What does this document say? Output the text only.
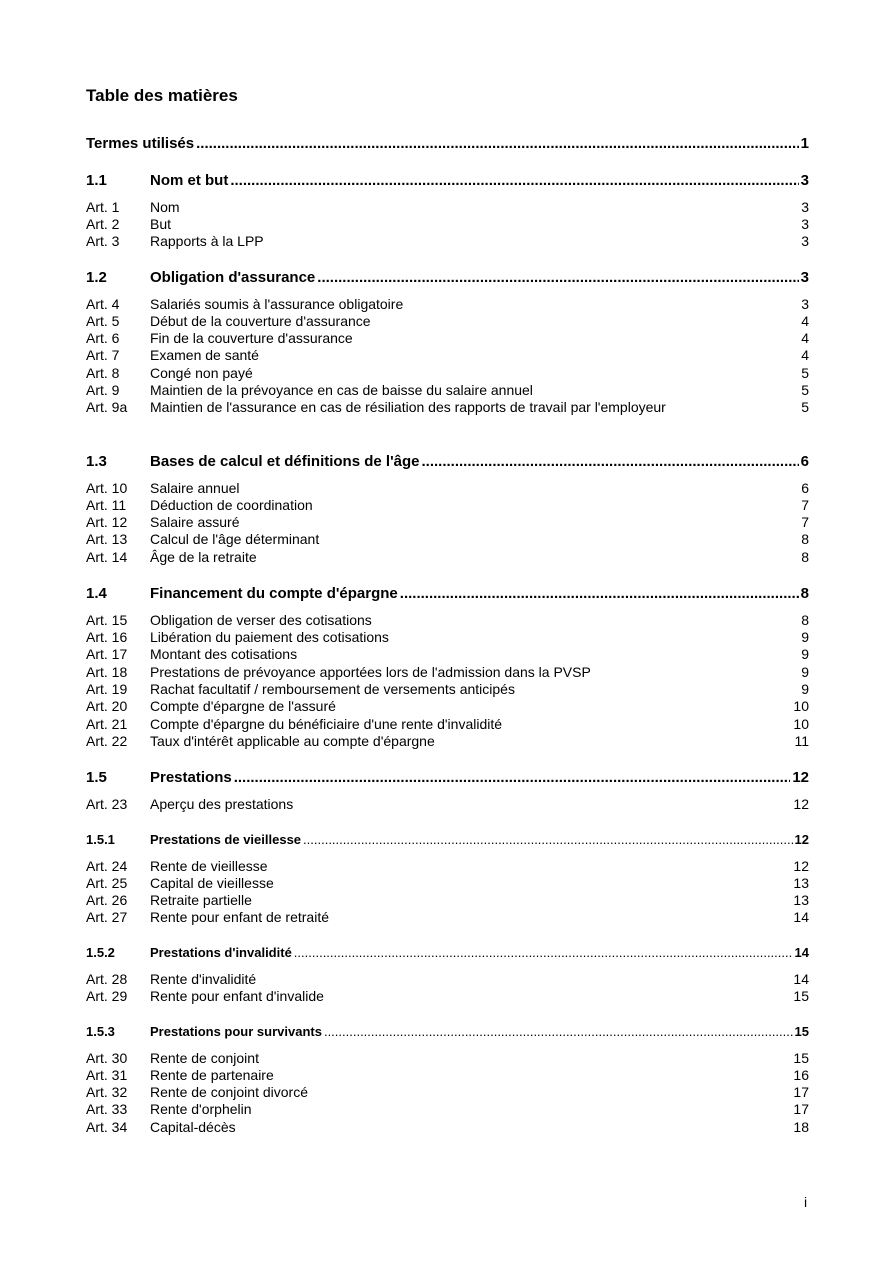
Table des matières
Termes utilisés .....	1
1.1	Nom et but .....	3
Art. 1	Nom	3
Art. 2	But	3
Art. 3	Rapports à la LPP	3
1.2	Obligation d'assurance .....	3
Art. 4	Salariés soumis à l'assurance obligatoire	3
Art. 5	Début de la couverture d'assurance	4
Art. 6	Fin de la couverture d'assurance	4
Art. 7	Examen de santé	4
Art. 8	Congé non payé	5
Art. 9	Maintien de la prévoyance en cas de baisse du salaire annuel	5
Art. 9a	Maintien de l'assurance en cas de résiliation des rapports de travail par l'employeur	5
1.3	Bases de calcul et définitions de l'âge .....	6
Art. 10	Salaire annuel	6
Art. 11	Déduction de coordination	7
Art. 12	Salaire assuré	7
Art. 13	Calcul de l'âge déterminant	8
Art. 14	Âge de la retraite	8
1.4	Financement du compte d'épargne .....	8
Art. 15	Obligation de verser des cotisations	8
Art. 16	Libération du paiement des cotisations	9
Art. 17	Montant des cotisations	9
Art. 18	Prestations de prévoyance apportées lors de l'admission dans la PVSP	9
Art. 19	Rachat facultatif / remboursement de versements anticipés	9
Art. 20	Compte d'épargne de l'assuré	10
Art. 21	Compte d'épargne du bénéficiaire d'une rente d'invalidité	10
Art. 22	Taux d'intérêt applicable au compte d'épargne	11
1.5	Prestations .....	12
Art. 23	Aperçu des prestations	12
1.5.1	Prestations de vieillesse .....	12
Art. 24	Rente de vieillesse	12
Art. 25	Capital de vieillesse	13
Art. 26	Retraite partielle	13
Art. 27	Rente pour enfant de retraité	14
1.5.2	Prestations d'invalidité .....	14
Art. 28	Rente d'invalidité	14
Art. 29	Rente pour enfant d'invalide	15
1.5.3	Prestations pour survivants .....	15
Art. 30	Rente de conjoint	15
Art. 31	Rente de partenaire	16
Art. 32	Rente de conjoint divorcé	17
Art. 33	Rente d'orphelin	17
Art. 34	Capital-décès	18
i
